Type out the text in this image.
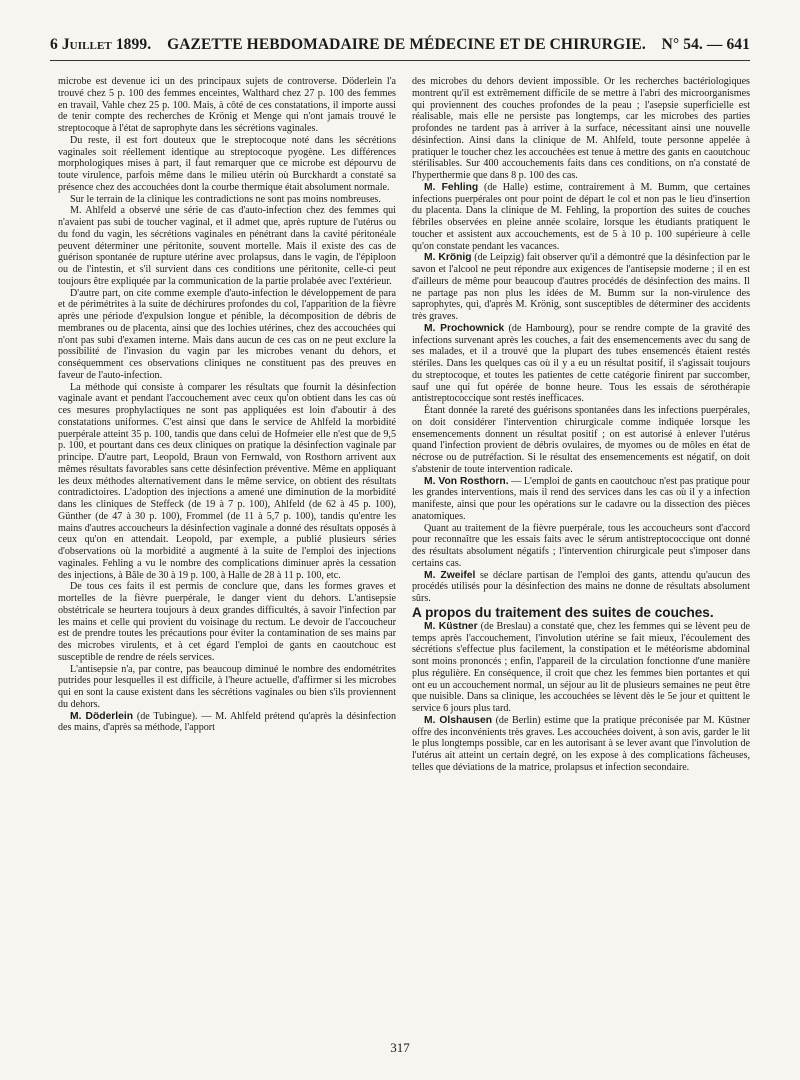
6 Juillet 1899. GAZETTE HEBDOMADAIRE DE MÉDECINE ET DE CHIRURGIE. N° 54. — 641

microbe est devenue ici un des principaux sujets de controverse. Döderlein l'a trouvé chez 5 p. 100 des femmes enceintes, Walthard chez 27 p. 100 des femmes en travail, Vahle chez 25 p. 100. Mais, à côté de ces constatations, il importe aussi de tenir compte des recherches de Krönig et Menge qui n'ont jamais trouvé le streptocoque à l'état de saprophyte dans les sécrétions vaginales.

Du reste, il est fort douteux que le streptocoque noté dans les sécrétions vaginales soit réellement identique au streptocoque pyogène. Les différences morphologiques mises à part, il faut remarquer que ce microbe est dépourvu de toute virulence, parfois même dans le milieu utérin où Burckhardt a constaté sa présence chez des accouchées dont la courbe thermique était absolument normale.

Sur le terrain de la clinique les contradictions ne sont pas moins nombreuses.

M. Ahlfeld a observé une série de cas d'auto-infection chez des femmes qui n'avaient pas subi de toucher vaginal, et il admet que, après rupture de l'utérus ou du fond du vagin, les sécrétions vaginales en pénétrant dans la cavité péritonéale peuvent déterminer une péritonite, souvent mortelle. Mais il existe des cas de guérison spontanée de rupture utérine avec prolapsus, dans le vagin, de l'épiploon ou de l'intestin, et s'il survient dans ces conditions une péritonite, celle-ci peut toujours être expliquée par la communication de la partie prolabée avec l'extérieur.

D'autre part, on cite comme exemple d'auto-infection le développement de para et de périmétrites à la suite de déchirures profondes du col, l'apparition de la fièvre après une période d'expulsion longue et pénible, la décomposition de débris de membranes ou de placenta, ainsi que des lochies utérines, chez des accouchées qui n'ont pas subi d'examen interne. Mais dans aucun de ces cas on ne peut exclure la possibilité de l'invasion du vagin par les microbes venant du dehors, et conséquemment ces observations cliniques ne constituent pas des preuves en faveur de l'auto-infection.

La méthode qui consiste à comparer les résultats que fournit la désinfection vaginale avant et pendant l'accouchement avec ceux qu'on obtient dans les cas où ces mesures prophylactiques ne sont pas appliquées est loin d'aboutir à des constatations uniformes. C'est ainsi que dans le service de Ahlfeld la morbidité puerpérale atteint 35 p. 100, tandis que dans celui de Hofmeier elle n'est que de 9,5 p. 100, et pourtant dans ces deux cliniques on pratique la désinfection vaginale par principe. D'autre part, Leopold, Braun von Fernwald, von Rosthorn arrivent aux mêmes résultats favorables sans cette désinfection préventive. Même en appliquant les deux méthodes alternativement dans le même service, on obtient des résultats contradictoires. L'adoption des injections a amené une diminution de la morbidité dans les cliniques de Steffeck (de 19 à 7 p. 100), Ahlfeld (de 62 à 45 p. 100), Günther (de 47 à 30 p. 100), Frommel (de 11 à 5,7 p. 100), tandis qu'entre les mains d'autres accoucheurs la désinfection vaginale a donné des résultats opposés à ceux qu'on en attendait. Leopold, par exemple, a publié plusieurs séries d'observations où la morbidité a augmenté à la suite de l'emploi des injections vaginales. Fehling a vu le nombre des complications diminuer après la cessation des injections, à Bâle de 30 à 19 p. 100, à Halle de 28 à 11 p. 100, etc.

De tous ces faits il est permis de conclure que, dans les formes graves et mortelles de la fièvre puerpérale, le danger vient du dehors. L'antisepsie obstétricale se heurtera toujours à deux grandes difficultés, à savoir l'infection par les mains et celle qui provient du voisinage du rectum. Le devoir de l'accoucheur est de prendre toutes les précautions pour éviter la contamination de ses mains par des microbes virulents, et à cet égard l'emploi de gants en caoutchouc est susceptible de rendre de réels services.

L'antisepsie n'a, par contre, pas beaucoup diminué le nombre des endométrites putrides pour lesquelles il est difficile, à l'heure actuelle, d'affirmer si les microbes qui en sont la cause existent dans les sécrétions vaginales ou bien s'ils proviennent du dehors.

M. Döderlein (de Tubingue). — M. Ahlfeld prétend qu'après la désinfection des mains, d'après sa méthode, l'apport

des microbes du dehors devient impossible. Or les recherches bactériologiques montrent qu'il est extrêmement difficile de se mettre à l'abri des microorganismes qui proviennent des couches profondes de la peau ; l'asepsie superficielle est réalisable, mais elle ne persiste pas longtemps, car les microbes des parties profondes ne tardent pas à arriver à la surface, nécessitant ainsi une nouvelle désinfection. Ainsi dans la clinique de M. Ahlfeld, toute personne appelée à pratiquer le toucher chez les accouchées est tenue à mettre des gants en caoutchouc stérilisables. Sur 400 accouchements faits dans ces conditions, on n'a constaté de l'hyperthermie que dans 8 p. 100 des cas.

M. Fehling (de Halle) estime, contrairement à M. Bumm, que certaines infections puerpérales ont pour point de départ le col et non pas le lieu d'insertion du placenta. Dans la clinique de M. Fehling, la proportion des suites de couches fébriles observées en pleine année scolaire, lorsque les étudiants pratiquent le toucher et assistent aux accouchements, est de 5 à 10 p. 100 supérieure à celle qu'on constate pendant les vacances.

M. Krönig (de Leipzig) fait observer qu'il a démontré que la désinfection par le savon et l'alcool ne peut répondre aux exigences de l'antisepsie moderne ; il en est d'ailleurs de même pour beaucoup d'autres procédés de désinfection des mains. Il ne partage pas non plus les idées de M. Bumm sur la non-virulence des saprophytes, qui, d'après M. Krönig, sont susceptibles de déterminer des accidents très graves.

M. Prochownick (de Hambourg), pour se rendre compte de la gravité des infections survenant après les couches, a fait des ensemencements avec du sang de ses malades, et il a trouvé que la plupart des tubes ensemencés étaient restés stériles. Dans les quelques cas où il y a eu un résultat positif, il s'agissait toujours du streptocoque, et toutes les patientes de cette catégorie finirent par succomber, sauf une qui fut opérée de bonne heure. Tous les essais de sérothérapie antistreptococcique sont restés inefficaces.

Étant donnée la rareté des guérisons spontanées dans les infections puerpérales, on doit considérer l'intervention chirurgicale comme indiquée lorsque les ensemencements donnent un résultat positif ; on est autorisé à enlever l'utérus quand l'infection provient de débris ovulaires, de myomes ou de môles en état de nécrose ou de putréfaction. Si le résultat des ensemencements est négatif, on doit s'abstenir de toute intervention radicale.

M. Von Rosthorn. — L'emploi de gants en caoutchouc n'est pas pratique pour les grandes interventions, mais il rend des services dans les cas où il y a infection manifeste, ainsi que pour les opérations sur le cadavre ou la dissection des pièces anatomiques.

Quant au traitement de la fièvre puerpérale, tous les accoucheurs sont d'accord pour reconnaître que les essais faits avec le sérum antistreptococcique ont donné des résultats absolument négatifs ; l'intervention chirurgicale peut s'imposer dans certains cas.

M. Zweifel se déclare partisan de l'emploi des gants, attendu qu'aucun des procédés utilisés pour la désinfection des mains ne donne de résultats absolument sûrs.

A propos du traitement des suites de couches.

M. Küstner (de Breslau) a constaté que, chez les femmes qui se lèvent peu de temps après l'accouchement, l'involution utérine se fait mieux, l'écoulement des sécrétions s'effectue plus facilement, la constipation et le météorisme abdominal sont moins prononcés ; enfin, l'appareil de la circulation fonctionne d'une manière plus régulière. En conséquence, il croit que chez les femmes bien portantes et qui ont eu un accouchement normal, un séjour au lit de plusieurs semaines ne peut être que nuisible. Dans sa clinique, les accouchées se lèvent dès le 5e jour et quittent le service 6 jours plus tard.

M. Olshausen (de Berlin) estime que la pratique préconisée par M. Küstner offre des inconvénients très graves. Les accouchées doivent, à son avis, garder le lit le plus longtemps possible, car en les autorisant à se lever avant que l'involution de l'utérus ait atteint un certain degré, on les expose à des complications fâcheuses, telles que déviations de la matrice, prolapsus et infection secondaire.

317
